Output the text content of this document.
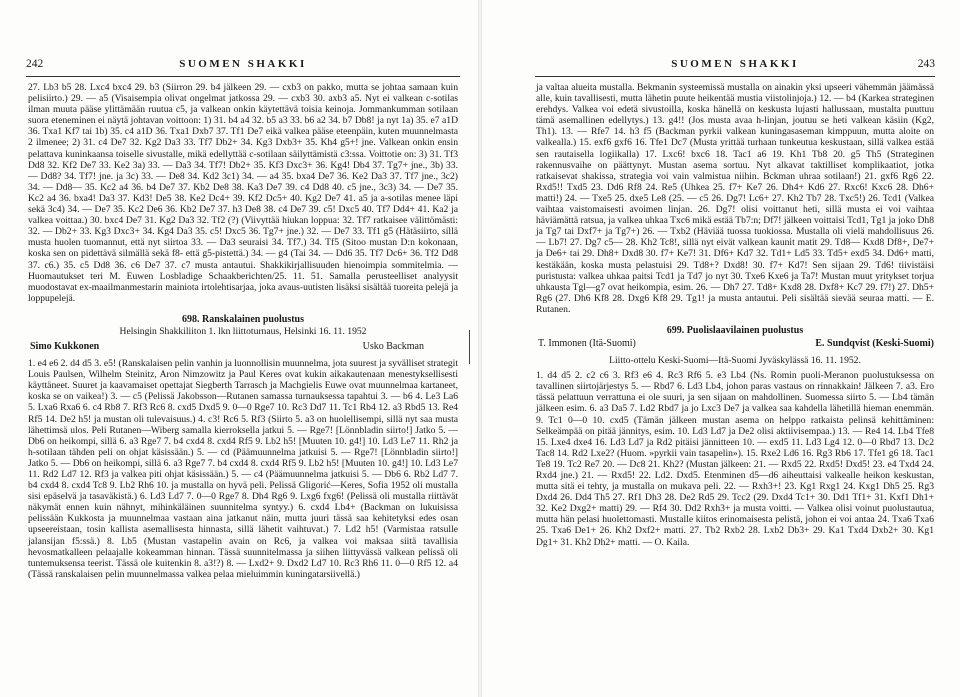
242	SUOMEN SHAKKI

27. Lb3 b5 28. Lxc4 bxc4 29. b3 (Siirron 29. b4 jälkeen 29. — cxb3 on pakko, mutta se johtaa samaan kuin pelisiirto.) 29. — a5 (Visaisempia olivat ongelmat jatkossa 29. — cxb3 30. axb3 a5. Nyt ei valkean c-sotilas ilman muuta pääse ylittämään ruutua c5, ja valkean onkin käytettävä toisia keinoja. Jommankumman sotilaan suora eteneminen ei näytä johtavan voittoon: 1) 31. b4 a4 32. b5 a3 33. b6 a2 34. b7 Db8! ja nyt 1a) 35. e7 a1D 36. Txa1 Kf7 tai 1b) 35. c4 a1D 36. Txa1 Dxb7 37. Tf1 De7 eikä valkea pääse eteenpäin, kuten muunnelmasta 2 ilmenee; 2) 31. c4 De7 32. Kg2 Da3 33. Tf7 Db2+ 34. Kg3 Dxb3+ 35. Kh4 g5+! jne. Valkean onkin ensin pelattava kuninkaansa toiselle sivustalle, mikä edellyttää c-sotilaan säilyttämistä c3:ssa. Voittotie on: 3) 31. Tf3 Dd8 32. Kf2 De7 33. Ke2 3a) 33. — Da3 34. Tf7! Db2+ 35. Kf3 Dxc3+ 36. Kg4! Db4 37. Tg7+ jne., 3b) 33. — Dd8? 34. Tf7! jne. ja 3c) 33. — De8 34. Kd2 3c1) 34. — a4 35. bxa4 De7 36. Ke2 Da3 37. Tf7 jne., 3c2) 34. — Dd8— 35. Kc2 a4 36. b4 De7 37. Kb2 De8 38. Ka3 De7 39. c4 Dd8 40. c5 jne., 3c3) 34. — De7 35. Kc2 a4 36. bxa4! Da3 37. Kd3! De5 38. Ke2 Dc4+ 39. Kf2 Dc5+ 40. Kg2 De7 41. a5 ja a-sotilas menee läpi sekä 3c4) 34. — De7 35. Kc2 De6 36. Kb2 De7 37. h3 De8 38. c4 De7 39. c5! Dxc5 40. Tf7 Dd4+ 41. Ka2 ja valkea voittaa.) 30. bxc4 De7 31. Kg2 Da3 32. Tf2 (?) (Viivyttää hiukan loppua: 32. Tf7 ratkaisee välittömästi: 32. — Db2+ 33. Kg3 Dxc3+ 34. Kg4 Da3 35. c5! Dxc5 36. Tg7+ jne.) 32. — De7 33. Tf1 g5 (Hätäsiirto, sillä musta huolen tuomannut, että nyt siirtoa 33. — Da3 seuraisi 34. Tf7.) 34. Tf5 (Sitoo mustan D:n kokonaan, koska sen on pidettävä silmällä sekä f8- että g5-pistettä.) 34. — g4 (Tai 34. — Dd6 35. Tf7 Dc6+ 36. Tf2 Dd8 37. c6.) 35. c5 Dd8 36. c6 De7 37. c7 musta antautui. Shakkikirjallisuuden hienoimpia sommitelmia. — Huomautukset teri M. Euwen Losbladige Schaakberichten/25. 11. 51. Samalla perusteelliset analyysit muodostavat ex-maailmanmestarin mainiota irtolehtisarjaa, joka avaus-uutisten lisäksi sisältää tuoreita pelejä ja loppupelejä.

698. Ranskalainen puolustus
Helsingin Shakkiliiton 1. lkn liittoturnaus, Helsinki 16. 11. 1952
Simo Kukkonen	Usko Backman

1. e4 e6 2. d4 d5 3. e5! (Ranskalaisen pelin vanhin ja luonnollisin muunnelma, jota suurest ja syvälliset strategit Louis Paulsen, Wilhelm Steinitz, Aron Nimzowitz ja Paul Keres ovat kukin aikakautenaan menestyksellisesti käyttäneet. Suuret ja kaavamaiset opettajat Siegberth Tarrasch ja Machgielis Euwe ovat muunnelmaa kartaneet, koska se on vaikea!) 3. — c5 (Pelissä Jakobsson—Rutanen samassa turnauksessa tapahtui 3. — b6 4. Le3 La6 5. Lxa6 Rxa6 6. c4 Rb8 7. Rf3 Rc6 8. cxd5 Dxd5 9. 0—0 Rge7 10. Rc3 Dd7 11. Tc1 Rb4 12. a3 Rbd5 13. Re4 Rf5 14. De2 h5! ja mustan oli tulevaisuus.) 4. c3! Rc6 5. Rf3 (Siirto 5. a3 on huolellisempi, sillä nyt saa musta lähettimsä ulos. Peli Rutanen—Wiberg samalla kierroksella jatkui 5. — Rge7! [Lönnbladin siirto!] Jatko 5. — Db6 on heikompi, sillä 6. a3 Rge7 7. b4 cxd4 8. cxd4 Rf5 9. Lb2 h5! [Muuten 10. g4!] 10. Ld3 Le7 11. Rh2 ja h-sotilaan tähden peli on ohjat käsissään.) 5. — cd (Päämuunnelma jatkuisi 5. — Rge7! [Lönnbladin siirto!] Jatko 5. — Db6 on heikompi, sillä 6. a3 Rge7 7. b4 cxd4 8. cxd4 Rf5 9. Lb2 h5! [Muuten 10. g4!] 10. Ld3 Le7 11. Rd2 Ld7 12. Rf3 ja valkea piti ohjat käsissään.) 5. — c4 (Päämuunnelma jatkuisi 5. — Db6 6. Rb2 Ld7 7. b4 cxd4 8. cxd4 Tc8 9. Lb2 Rh6 10. ja mustalla on hyvä peli. Pelissä Gligorić—Keres, Sofia 1952 oli mustalla sisi epäselvä ja tasaväkistä.) 6. Ld3 Ld7 7. 0—0 Rge7 8. Dh4 Rg6 9. Lxg6 fxg6! (Pelissä oli mustalla riittävät näkymät ennen kuin nähnyt, mihinkäläinen suunnitelma syntyy.) 6. cxd4 Lb4+ (Backman on lukuisissa pelissään Kukkosta ja muunnelmaa vastaan aina jatkanut näin, mutta juuri tässä saa kehitetyksi edes osan upseereistaan, tosin kallista asemallisesta hinnasta, sillä lähetit vaihtuvat.) 7. Ld2 h5! (Varmistaa ratsulle jalansijan f5:ssä.) 8. Lb5 (Mustan vastapelin avain on Rc6, ja valkea voi maksaa siitä tavallisia hevosmatkalleen pelaajalle kokeamman hinnan. Tässä suunnitelmassa ja siihen liittyvässä valkean pelissä oli tuntemuksensa teerist. Tässä ole kuitenkin 8. a3!?) 8. — Lxd2+ 9. Dxd2 Ld7 10. Rc3 Rh6 11. 0—0 Rf5 12. a4 (Tässä ranskalaisen pelin muunnelmassa valkea pelaa mieluimmin kuningatarsiivellä.)

SUOMEN SHAKKI	243

ja valtaa alueita mustalla. Bekmanin systeemissä mustalla on ainakin yksi upseeri vähemmän jäämässä alle, kuin tavallisesti, mutta lähetin puute heikentää mustia viistolinjoja.) 12. — b4 (Karkea strateginen erehdys. Valkea voi edetä sivustoilla, koska hänellä on keskusta lujasti hallussaan, mustalta puuttuu tämä asemallinen edellytys.) 13. g4!! (Jos musta avaa h-linjan, joutuu se heti valkean käsiin (Kg2, Th1). 13. — Rfe7 14. h3 f5 (Backman pyrkii valkean kuningasaseman kimppuun, mutta aloite on valkealla.) 15. exf6 gxf6 16. Tfe1 Dc7 (Musta yrittää turhaan tunkeutua keskustaan, sillä valkea estää sen rautaisella logiikalla) 17. Lxc6! bxc6 18. Tac1 a6 19. Kh1 Tb8 20. g5 Th5 (Strateginen rakennusvaihe on päättynyt. Mustan asema sortuu. Nyt alkavat taktilliset komplikaatiot, jotka ratkaisevat shakissa, strategia voi vain valmistua niihin. Bckman uhraa sotilaan!) 21. gxf6 Rg6 22. Rxd5!! Txd5 23. Dd6 Rf8 24. Re5 (Uhkea 25. f7+ Ke7 26. Dh4+ Kd6 27. Rxc6! Kxc6 28. Dh6+ matti!) 24. — Txe5 25. dxe5 Le8 (25. — c5 26. Dg7! Lc6+ 27. Kh2 Tb7 28. Txc5!) 26. Tcd1 (Valkea vaihtaa vaistomaisesti avoimen linjan. 26. Dg7! olisi voittanut heti, sillä musta ei voi vaihtaa häviämättä ratsua, ja valkea uhkaa Txc6 mikä estää Tb7:n; Df7! jälkeen voittaisi Tcd1, Tg1 ja joko Dh8 ja Tg7 tai Dxf7+ ja Tg7+) 26. — Txb2 (Häviää tuossa tuokiossa. Mustalla oli vielä mahdollisuus 26. — Lb7! 27. Dg7 c5— 28. Kh2 Tc8!, sillä nyt eivät valkean kaunit matit 29. Td8— Kxd8 Df8+, De7+ ja De6+ tai 29. Dh8+ Dxd8 30. f7+ Ke7! 31. Df6+ Kd7 32. Td1+ Ld5 33. Td5+ exd5 34. Dd6+ matti, kestäkään, koska musta pelastuisi 29. Td8+? Dxd8! 30. f7+ Kd7! Sen sijaan 29. Td6! tiivistäisi puristusta: valkea uhkaa paitsi Tcd1 ja Td7 jo nyt 30. Txe6 Kxe6 ja Ta7! Mustan muut yritykset torjua uhkausta Tgl—g7 ovat heikompia, esim. 26. — Dh7 27. Td8+ Kxd8 28. Dxf8+ Kc7 29. f7!) 27. Dh5+ Rg6 (27. Dh6 Kf8 28. Dxg6 Kf8 29. Tg1! ja musta antautui. Peli sisältää sievää seuraa matti. — E. Rutanen.

699. Puolislaavilainen puolustus
T. Immonen (Itä-Suomi)	E. Sundqvist (Keski-Suomi)
Liitto-ottelu Keski-Suomi—Itä-Suomi Jyväskylässä 16. 11. 1952.

1. d4 d5 2. c2 c6 3. Rf3 e6 4. Rc3 Rf6 5. e3 Lb4 (Ns. Romin puoli-Meranon puolustuksessa on tavallinen siirtojärjestys 5. — Rbd7 6. Ld3 Lb4, johon paras vastaus on rinnakkain! Jälkeen 7. a3. Ero tässä pelattuun verrattuna ei ole suuri, ja sen sijaan on mahdollinen. Suomessa siirto 5. — Lb4 tämän jälkeen esim. 6. a3 Da5 7. Ld2 Rbd7 ja jo Lxc3 De7 ja valkea saa kahdella lähetillä hieman enemmän. 9. Tc1 0—0 10. cxd5 (Tämän jälkeen mustan asema on helppo ratkaista pelinsä kehittäminen: Selkeämpää on pitää jännitys, esim. 10. Ld3 Ld7 ja De2 olisi aktiivisempaa.) 13. — Re4 14. Lb4 Tfe8 15. Lxe4 dxe4 16. Ld3 Ld7 ja Rd2 pitäisi jännitteen 10. — exd5 11. Ld3 Lg4 12. 0—0 Rbd7 13. Dc2 Tac8 14. Rd2 Lxe2? (Huom. »pyrkii vain tasapelin»). 15. Rxe2 Ld6 16. Rg3 Rb6 17. Tfe1 g6 18. Tac1 Te8 19. Tc2 Re7 20. — Dc8 21. Kh2? (Mustan jälkeen: 21. — Rxd5 22. Rxd5! Dxd5! 23. e4 Txd4 24. Rxd4 jne.) 21. — Rxd5! 22. Ld2. Dxd5. Etenminen d5—d6 aiheuttaisi valkealle heikon keskustan, mutta sitä ei tehty, ja mustalla on mukava peli. 22. — Rxh3+! 23. Kg1 Rxg1 24. Kxg1 Dh5 25. Rg3 Dxd4 26. Dd4 Th5 27. Rf1 Dh3 28. De2 Rd5 29. Tcc2 (29. Dxd4 Tc1+ 30. Dd1 Tf1+ 31. Kxf1 Dh1+ 32. Ke2 Dxg2+ matti) 29. — Rf4 30. Dd2 Rxh3+ ja musta voitti. — Valkea olisi voinut puolustautua, mutta hän pelasi huolettomasti. Mustalle kiitos erinomaisesta pelistä, johon ei voi antaa 24. Txa6 Txa6 25. Txa6 De1+ 26. Kh2 Dxf2+ matti. 27. Tb2 Rxb2 28. Lxb2 Db3+ 29. Ka1 Txd4 Dxb2+ 30. Kg1 Dg1+ 31. Kh2 Dh2+ matti. — O. Kaila.
